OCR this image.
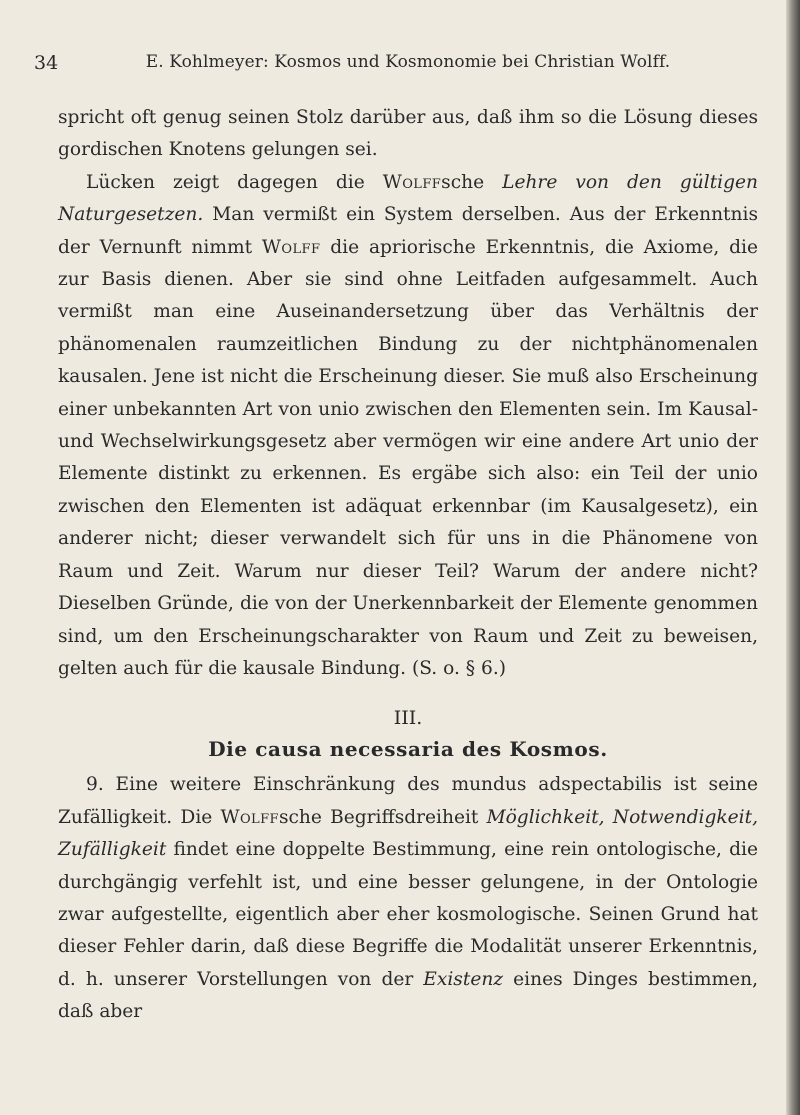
34	E. Kohlmeyer: Kosmos und Kosmonomie bei Christian Wolff.

spricht oft genug seinen Stolz darüber aus, daß ihm so die Lösung dieses gordischen Knotens gelungen sei.

Lücken zeigt dagegen die Wolffsche Lehre von den gültigen Naturgesetzen. Man vermißt ein System derselben. Aus der Erkenntnis der Vernunft nimmt Wolff die apriorische Erkenntnis, die Axiome, die zur Basis dienen. Aber sie sind ohne Leitfaden aufgesammelt. Auch vermißt man eine Auseinandersetzung über das Verhältnis der phänomenalen raumzeitlichen Bindung zu der nichtphänomenalen kausalen. Jene ist nicht die Erscheinung dieser. Sie muß also Erscheinung einer unbekannten Art von unio zwischen den Elementen sein. Im Kausal- und Wechselwirkungsgesetz aber vermögen wir eine andere Art unio der Elemente distinkt zu erkennen. Es ergäbe sich also: ein Teil der unio zwischen den Elementen ist adäquat erkennbar (im Kausalgesetz), ein anderer nicht; dieser verwandelt sich für uns in die Phänomene von Raum und Zeit. Warum nur dieser Teil? Warum der andere nicht? Dieselben Gründe, die von der Unerkennbarkeit der Elemente genommen sind, um den Erscheinungscharakter von Raum und Zeit zu beweisen, gelten auch für die kausale Bindung. (S. o. § 6.)

III.
Die causa necessaria des Kosmos.

9. Eine weitere Einschränkung des mundus adspectabilis ist seine Zufälligkeit. Die Wolffsche Begriffsdreiheit Möglichkeit, Notwendigkeit, Zufälligkeit findet eine doppelte Bestimmung, eine rein ontologische, die durchgängig verfehlt ist, und eine besser gelungene, in der Ontologie zwar aufgestellte, eigentlich aber eher kosmologische. Seinen Grund hat dieser Fehler darin, daß diese Begriffe die Modalität unserer Erkenntnis, d. h. unserer Vorstellungen von der Existenz eines Dinges bestimmen, daß aber
